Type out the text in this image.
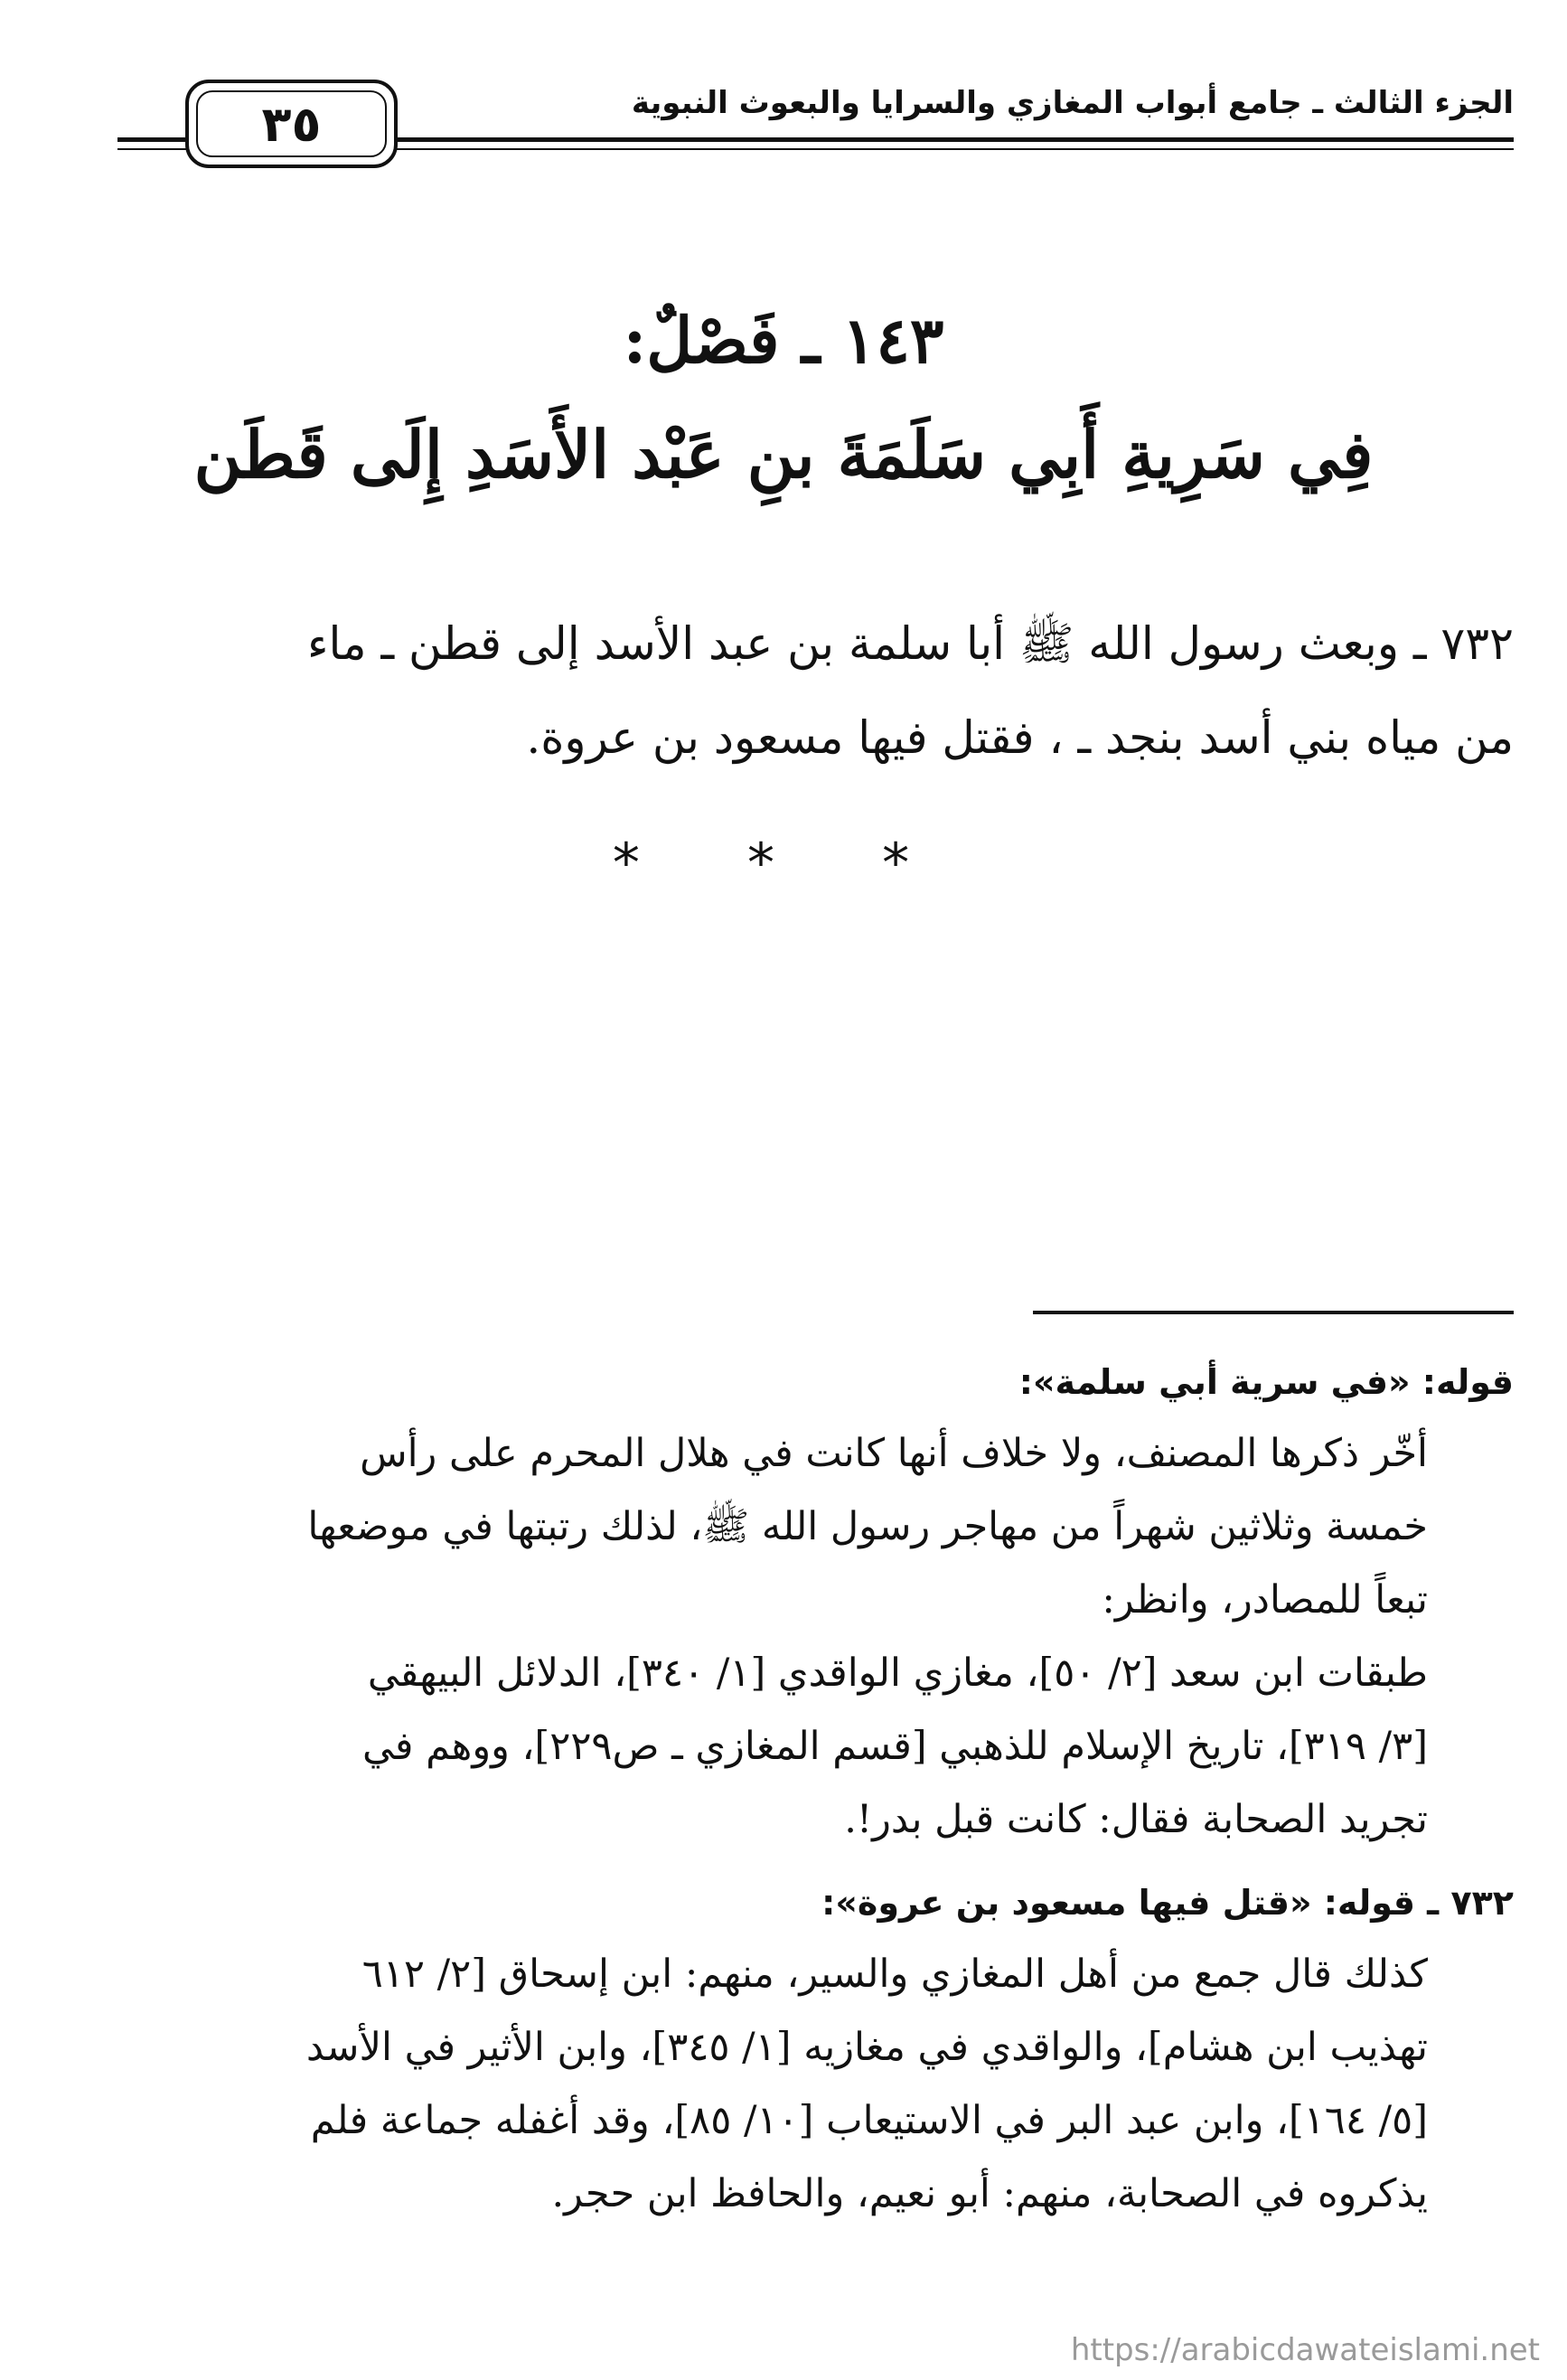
الجزء الثالث ـ جامع أبواب المغازي والسرايا والبعوث النبوية
٣٥
١٤٣ ـ فَصْلٌ:
فِي سَرِيةِ أَبِي سَلَمَةَ بنِ عَبْد الأَسَدِ إِلَى قَطَن
٧٣٢ ـ وبعث رسول الله ﷺ أبا سلمة بن عبد الأسد إلى قطن ـ ماء
من مياه بني أسد بنجد ـ ، فقتل فيها مسعود بن عروة.
* * *
قوله: «في سرية أبي سلمة»:
أخّر ذكرها المصنف، ولا خلاف أنها كانت في هلال المحرم على رأس
خمسة وثلاثين شهراً من مهاجر رسول الله ﷺ، لذلك رتبتها في موضعها
تبعاً للمصادر، وانظر:
طبقات ابن سعد [٢/ ٥٠]، مغازي الواقدي [١/ ٣٤٠]، الدلائل البيهقي
[٣/ ٣١٩]، تاريخ الإسلام للذهبي [قسم المغازي ـ ص٢٢٩]، ووهم في
تجريد الصحابة فقال: كانت قبل بدر!.
٧٣٢ ـ قوله: «قتل فيها مسعود بن عروة»:
كذلك قال جمع من أهل المغازي والسير، منهم: ابن إسحاق [٢/ ٦١٢
تهذيب ابن هشام]، والواقدي في مغازيه [١/ ٣٤٥]، وابن الأثير في الأسد
[٥/ ١٦٤]، وابن عبد البر في الاستيعاب [١٠/ ٨٥]، وقد أغفله جماعة فلم
يذكروه في الصحابة، منهم: أبو نعيم، والحافظ ابن حجر.
https://arabicdawateislami.net
